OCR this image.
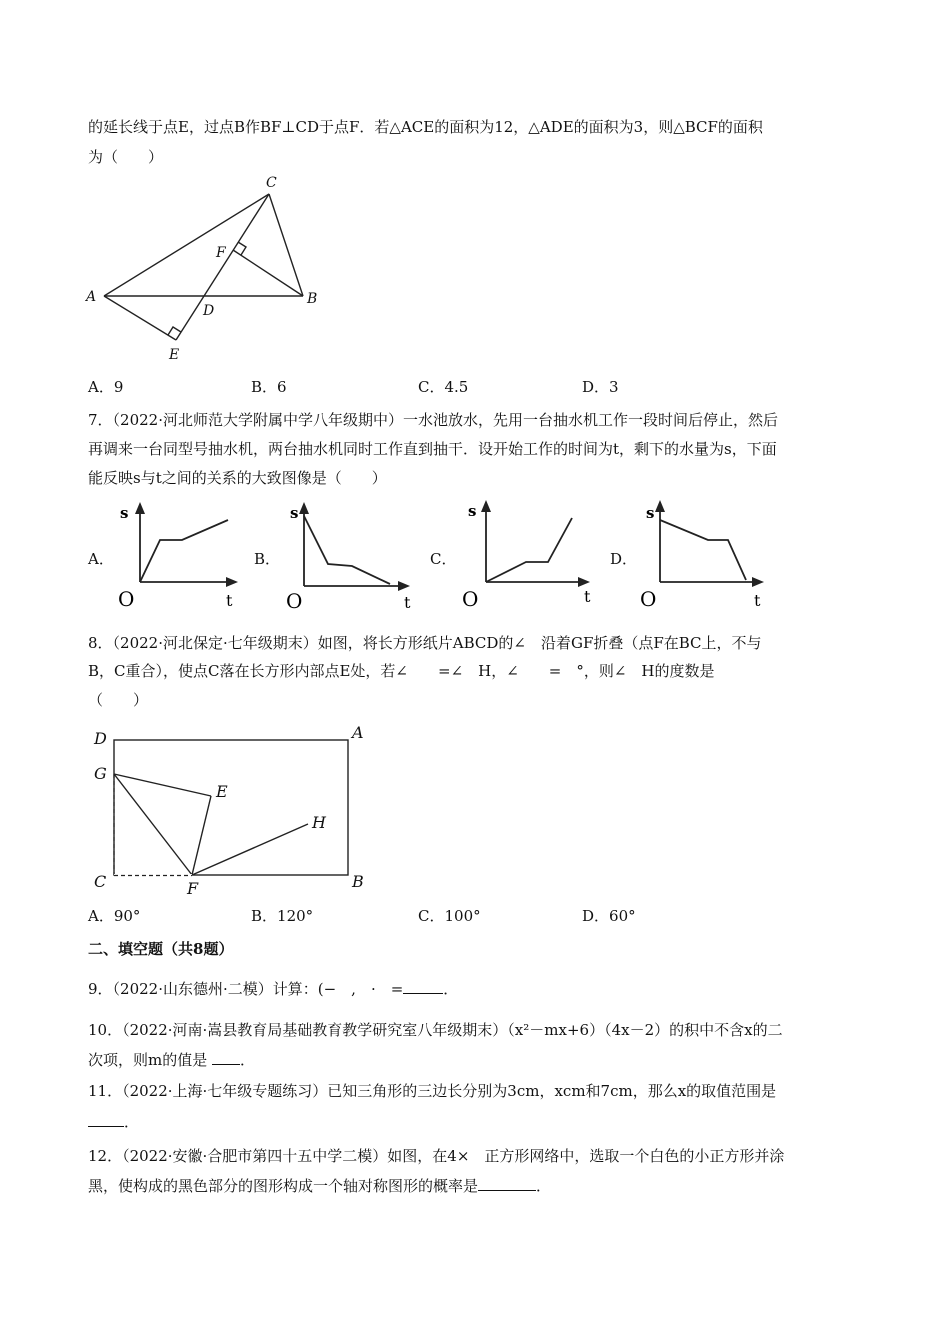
的延长线于点E，过点B作BF⊥CD于点F．若△ACE的面积为12，△ADE的面积为3，则△BCF的面积
为（　　）
C
A	B
D
F
E
A．9	B．6	C．4.5	D．3
7．（2022·河北师范大学附属中学八年级期中）一水池放水，先用一台抽水机工作一段时间后停止，然后
再调来一台同型号抽水机，两台抽水机同时工作直到抽干．设开始工作的时间为t，剩下的水量为s，下面
能反映s与t之间的关系的大致图像是（　　）
A．	B．	C．	D．
s
t
O
s
t
O
s
t
O
s
t
O
8．（2022·河北保定·七年级期末）如图，将长方形纸片ABCD的∠　沿着GF折叠（点F在BC上，不与
B，C重合），使点C落在长方形内部点E处，若∠　　=∠　H，∠　　=　°，则∠　H的度数是
（　　）
D	A
G
E
H
C	F	B
A．90°	B．120°	C．100°	D．60°
二、填空题（共8题）
9．（2022·山东德州·二模）计算：(−　,　·　=	．
10．（2022·河南·嵩县教育局基础教育教学研究室八年级期末）（x²－mx+6）（4x－2）的积中不含x的二
次项，则m的值是 ．
11．（2022·上海·七年级专题练习）已知三角形的三边长分别为3cm，xcm和7cm，那么x的取值范围是
．
12．（2022·安徽·合肥市第四十五中学二模）如图，在4×　正方形网络中，选取一个白色的小正方形并涂
黑，使构成的黑色部分的图形构成一个轴对称图形的概率是	．
